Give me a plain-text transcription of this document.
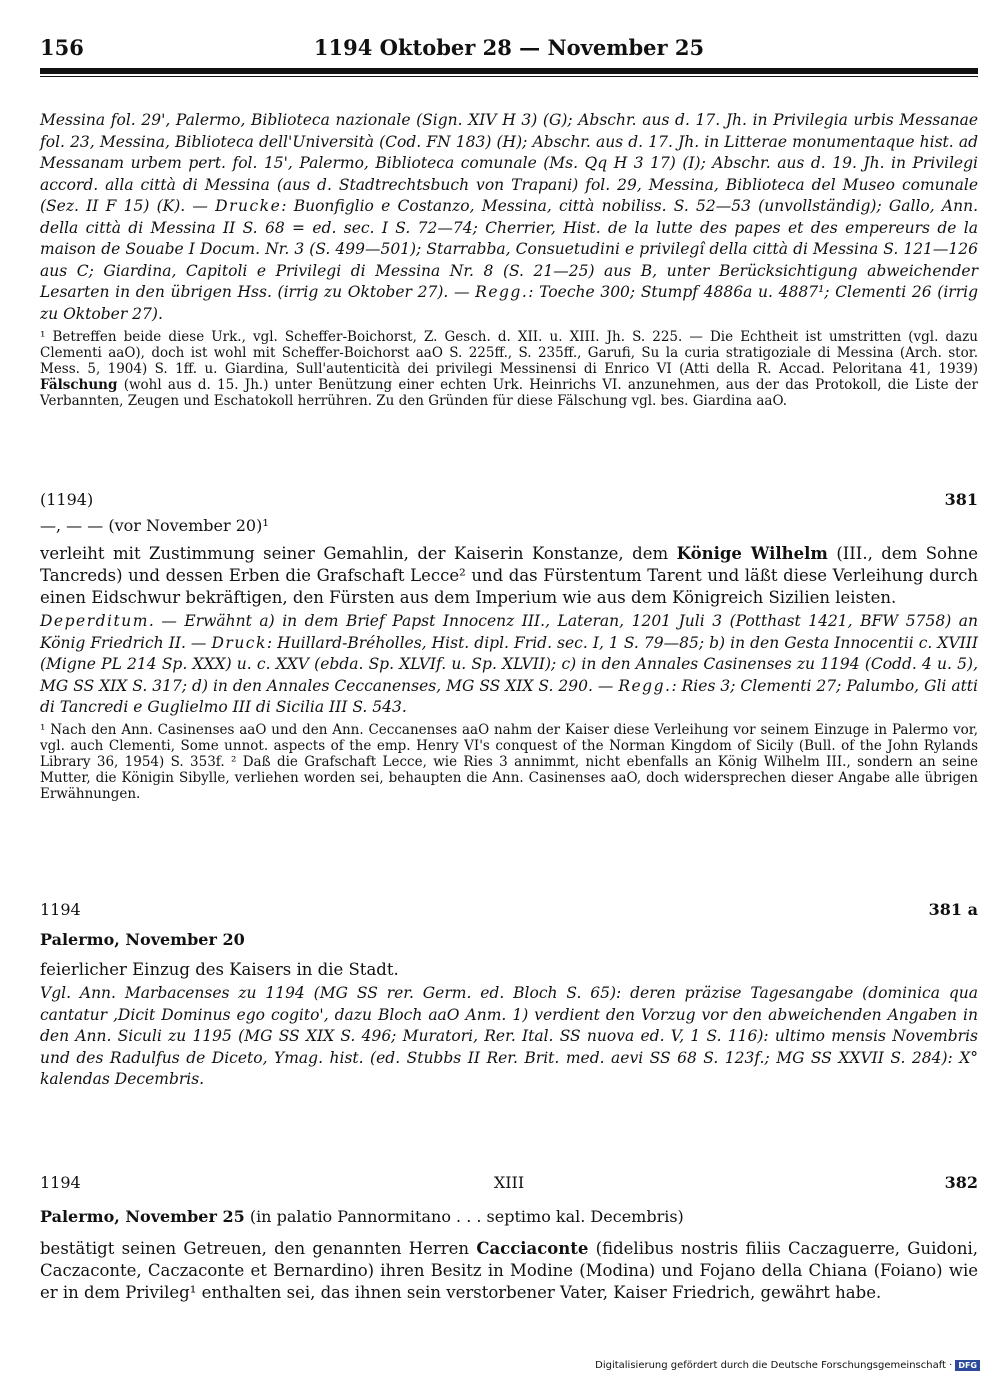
1194 Oktober 28 — November 25
156

Messina fol. 29', Palermo, Biblioteca nazionale (Sign. XIV H 3) (G); Abschr. aus d. 17. Jh. in Privilegia urbis Messanae fol. 23, Messina, Biblioteca dell'Università (Cod. FN 183) (H); Abschr. aus d. 17. Jh. in Litterae monumentaque hist. ad Messanam urbem pert. fol. 15', Palermo, Biblioteca comunale (Ms. Qq H 3 17) (I); Abschr. aus d. 19. Jh. in Privilegi accord. alla città di Messina (aus d. Stadtrechtsbuch von Trapani) fol. 29, Messina, Biblioteca del Museo comunale (Sez. II F 15) (K). — Drucke: Buonfiglio e Costanzo, Messina, città nobiliss. S. 52—53 (unvollständig); Gallo, Ann. della città di Messina II S. 68 = ed. sec. I S. 72—74; Cherrier, Hist. de la lutte des papes et des empereurs de la maison de Souabe I Docum. Nr. 3 (S. 499—501); Starrabba, Consuetudini e privilegî della città di Messina S. 121—126 aus C; Giardina, Capitoli e Privilegi di Messina Nr. 8 (S. 21—25) aus B, unter Berücksichtigung abweichender Lesarten in den übrigen Hss. (irrig zu Oktober 27). — Regg.: Toeche 300; Stumpf 4886a u. 4887¹; Clementi 26 (irrig zu Oktober 27).

¹ Betreffen beide diese Urk., vgl. Scheffer-Boichorst, Z. Gesch. d. XII. u. XIII. Jh. S. 225. — Die Echtheit ist umstritten (vgl. dazu Clementi aaO), doch ist wohl mit Scheffer-Boichorst aaO S. 225ff., S. 235ff., Garufi, Su la curia stratigoziale di Messina (Arch. stor. Mess. 5, 1904) S. 1ff. u. Giardina, Sull'autenticità dei privilegi Messinensi di Enrico VI (Atti della R. Accad. Peloritana 41, 1939) Fälschung (wohl aus d. 15. Jh.) unter Benützung einer echten Urk. Heinrichs VI. anzunehmen, aus der das Protokoll, die Liste der Verbannten, Zeugen und Eschatokoll herrühren. Zu den Gründen für diese Fälschung vgl. bes. Giardina aaO.

(1194)	381

—, — — (vor November 20)¹

verleiht mit Zustimmung seiner Gemahlin, der Kaiserin Konstanze, dem Könige Wilhelm (III., dem Sohne Tancreds) und dessen Erben die Grafschaft Lecce² und das Fürstentum Tarent und läßt diese Verleihung durch einen Eidschwur bekräftigen, den Fürsten aus dem Imperium wie aus dem Königreich Sizilien leisten.

Deperditum. — Erwähnt a) in dem Brief Papst Innocenz III., Lateran, 1201 Juli 3 (Potthast 1421, BFW 5758) an König Friedrich II. — Druck: Huillard-Bréholles, Hist. dipl. Frid. sec. I, 1 S. 79—85; b) in den Gesta Innocentii c. XVIII (Migne PL 214 Sp. XXX) u. c. XXV (ebda. Sp. XLVIf. u. Sp. XLVII); c) in den Annales Casinenses zu 1194 (Codd. 4 u. 5), MG SS XIX S. 317; d) in den Annales Ceccanenses, MG SS XIX S. 290. — Regg.: Ries 3; Clementi 27; Palumbo, Gli atti di Tancredi e Guglielmo III di Sicilia III S. 543.

¹ Nach den Ann. Casinenses aaO und den Ann. Ceccanenses aaO nahm der Kaiser diese Verleihung vor seinem Einzuge in Palermo vor, vgl. auch Clementi, Some unnot. aspects of the emp. Henry VI's conquest of the Norman Kingdom of Sicily (Bull. of the John Rylands Library 36, 1954) S. 353f. ² Daß die Grafschaft Lecce, wie Ries 3 annimmt, nicht ebenfalls an König Wilhelm III., sondern an seine Mutter, die Königin Sibylle, verliehen worden sei, behaupten die Ann. Casinenses aaO, doch widersprechen dieser Angabe alle übrigen Erwähnungen.

1194	381 a

Palermo, November 20

feierlicher Einzug des Kaisers in die Stadt.

Vgl. Ann. Marbacenses zu 1194 (MG SS rer. Germ. ed. Bloch S. 65): deren präzise Tagesangabe (dominica qua cantatur ‚Dicit Dominus ego cogito', dazu Bloch aaO Anm. 1) verdient den Vorzug vor den abweichenden Angaben in den Ann. Siculi zu 1195 (MG SS XIX S. 496; Muratori, Rer. Ital. SS nuova ed. V, 1 S. 116): ultimo mensis Novembris und des Radulfus de Diceto, Ymag. hist. (ed. Stubbs II Rer. Brit. med. aevi SS 68 S. 123f.; MG SS XXVII S. 284): X° kalendas Decembris.

1194	XIII	382

Palermo, November 25 (in palatio Pannormitano . . . septimo kal. Decembris)

bestätigt seinen Getreuen, den genannten Herren Cacciaconte (fidelibus nostris filiis Caczaguerre, Guidoni, Caczaconte, Caczaconte et Bernardino) ihren Besitz in Modine (Modina) und Fojano della Chiana (Foiano) wie er in dem Privileg¹ enthalten sei, das ihnen sein verstorbener Vater, Kaiser Friedrich, gewährt habe.

Digitalisierung gefördert durch die Deutsche Forschungsgemeinschaft · DFG
